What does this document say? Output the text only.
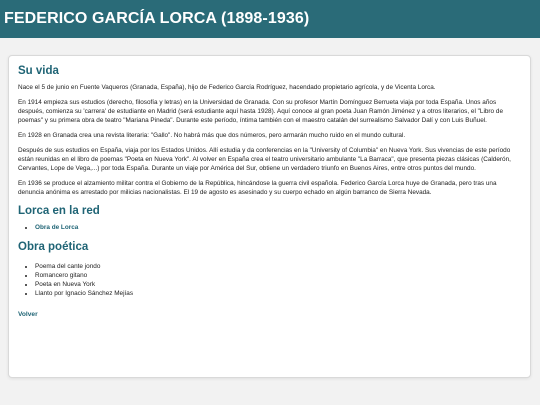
FEDERICO GARCÍA LORCA (1898-1936)
Su vida

Nace el 5 de junio en Fuente Vaqueros (Granada, España), hijo de Federico García Rodríguez, hacendado propietario agrícola, y de Vicenta Lorca.

En 1914 empieza sus estudios (derecho, filosofía y letras) en la Universidad de Granada. Con su profesor Martín Domínguez Berrueta viaja por toda España. Unos años después, comienza su 'carrera' de estudiante en Madrid (será estudiante aquí hasta 1928). Aquí conoce al gran poeta Juan Ramón Jiménez y a otros literarios, el "Libro de poemas" y su primera obra de teatro "Mariana Pineda". Durante este período, íntima también con el maestro catalán del surrealismo Salvador Dalí y con Luis Buñuel.

En 1928 en Granada crea una revista literaria: "Gallo". No habrá más que dos números, pero armarán mucho ruido en el mundo cultural.

Después de sus estudios en España, viaja por los Estados Unidos. Allí estudia y da conferencias en la "University of Columbia" en Nueva York. Sus vivencias de este período están reunidas en el libro de poemas "Poeta en Nueva York". Al volver en España crea el teatro universitario ambulante "La Barraca", que presenta piezas clásicas (Calderón, Cervantes, Lope de Vega,...) por toda España. Durante un viaje por América del Sur, obtiene un verdadero triunfo en Buenos Aires, entre otros puntos del mundo.

En 1936 se produce el alzamiento militar contra el Gobierno de la República, hincándose la guerra civil española. Federico García Lorca huye de Granada, pero tras una denuncia anónima es arrestado por milicias nacionalistas. El 19 de agosto es asesinado y su cuerpo echado en algún barranco de Sierra Nevada.

Lorca en la red
• Obra de Lorca
Obra poética
• Poema del cante jondo
• Romancero gitano
• Poeta en Nueva York
• Llanto por Ignacio Sánchez Mejías
Volver
